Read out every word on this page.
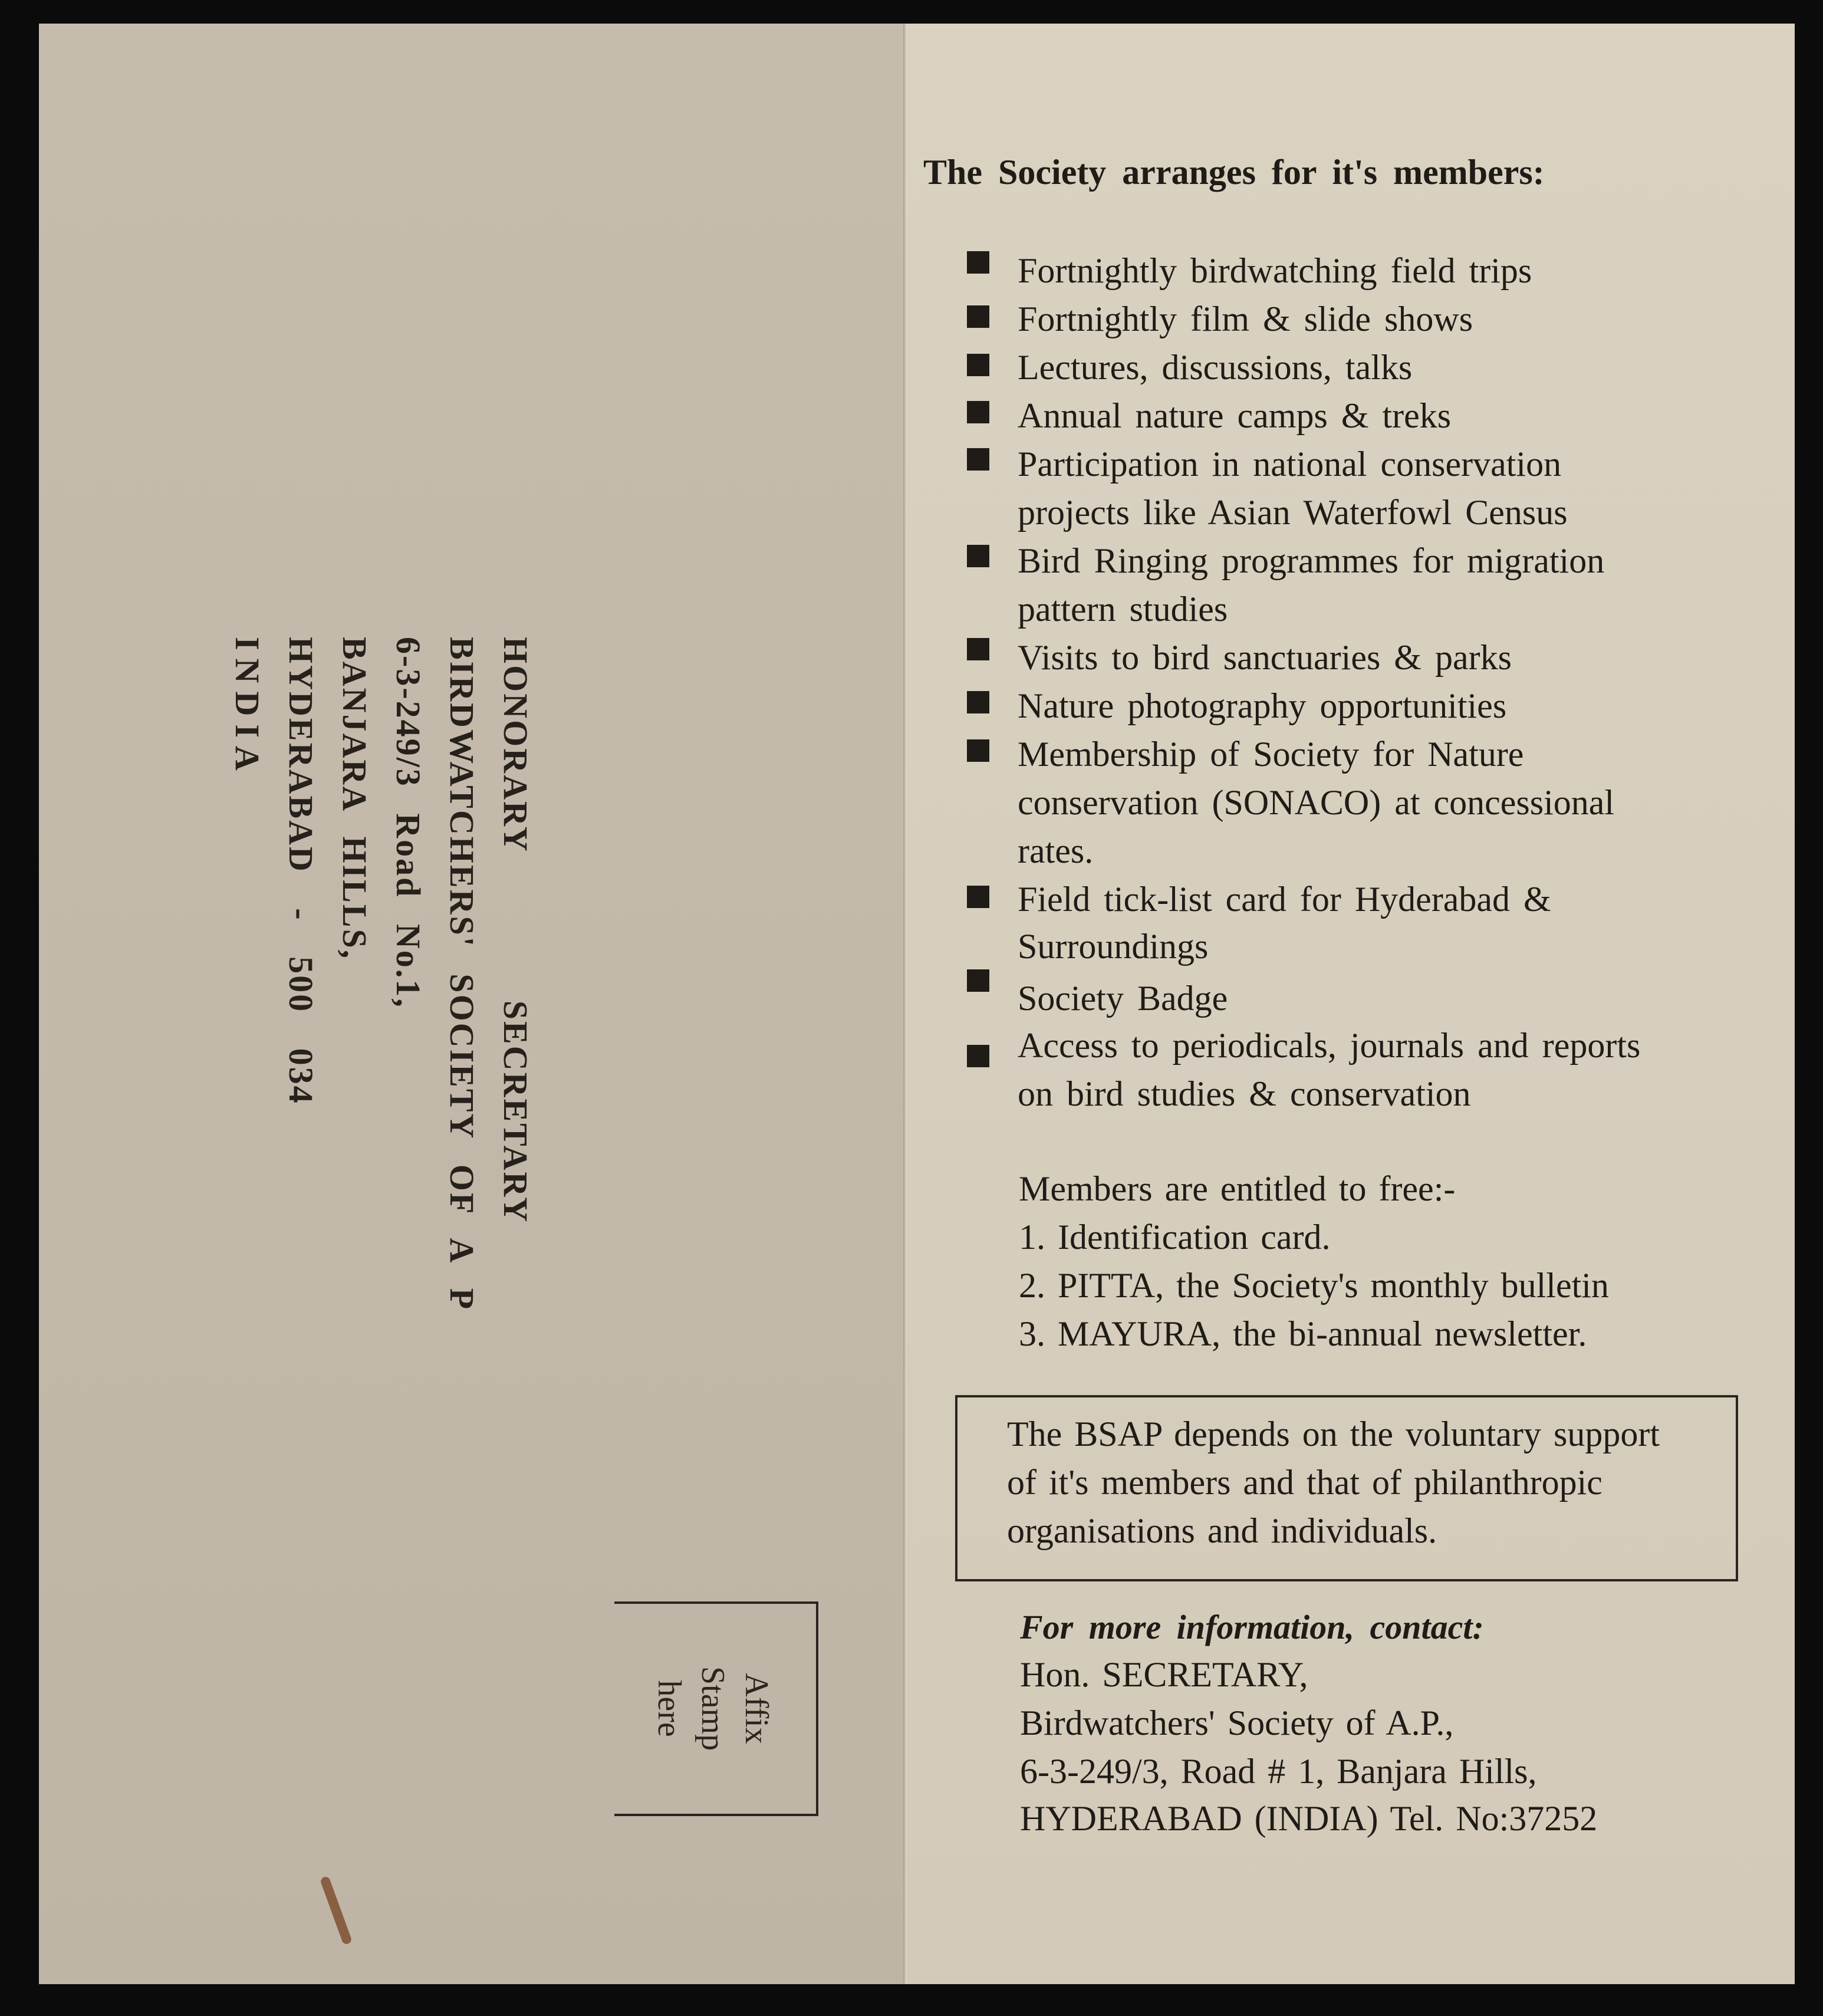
HONORARYSECRETARY
BIRDWATCHERS' SOCIETY OF A P
6-3-249/3 Road No.1,
BANJARA HILLS,
HYDERABAD - 500 034
INDIA
Affix
Stamp
here
The Society arranges for it's members:
Fortnightly birdwatching field trips
Fortnightly film & slide shows
Lectures, discussions, talks
Annual nature camps & treks
Participation in national conservation
projects like Asian Waterfowl Census
Bird Ringing programmes for migration
pattern studies
Visits to bird sanctuaries & parks
Nature photography opportunities
Membership of Society for Nature
conservation (SONACO) at concessional
rates.
Field tick-list card for Hyderabad &
Surroundings
Society Badge
Access to periodicals, journals and reports
on bird studies & conservation
Members are entitled to free:-
1. Identification card.
2. PITTA, the Society's monthly bulletin
3. MAYURA, the bi-annual newsletter.
The BSAP depends on the voluntary support
of it's members and that of philanthropic
organisations and individuals.
For more information, contact:
Hon. SECRETARY,
Birdwatchers' Society of A.P.,
6-3-249/3, Road # 1, Banjara Hills,
HYDERABAD (INDIA) Tel. No:37252
